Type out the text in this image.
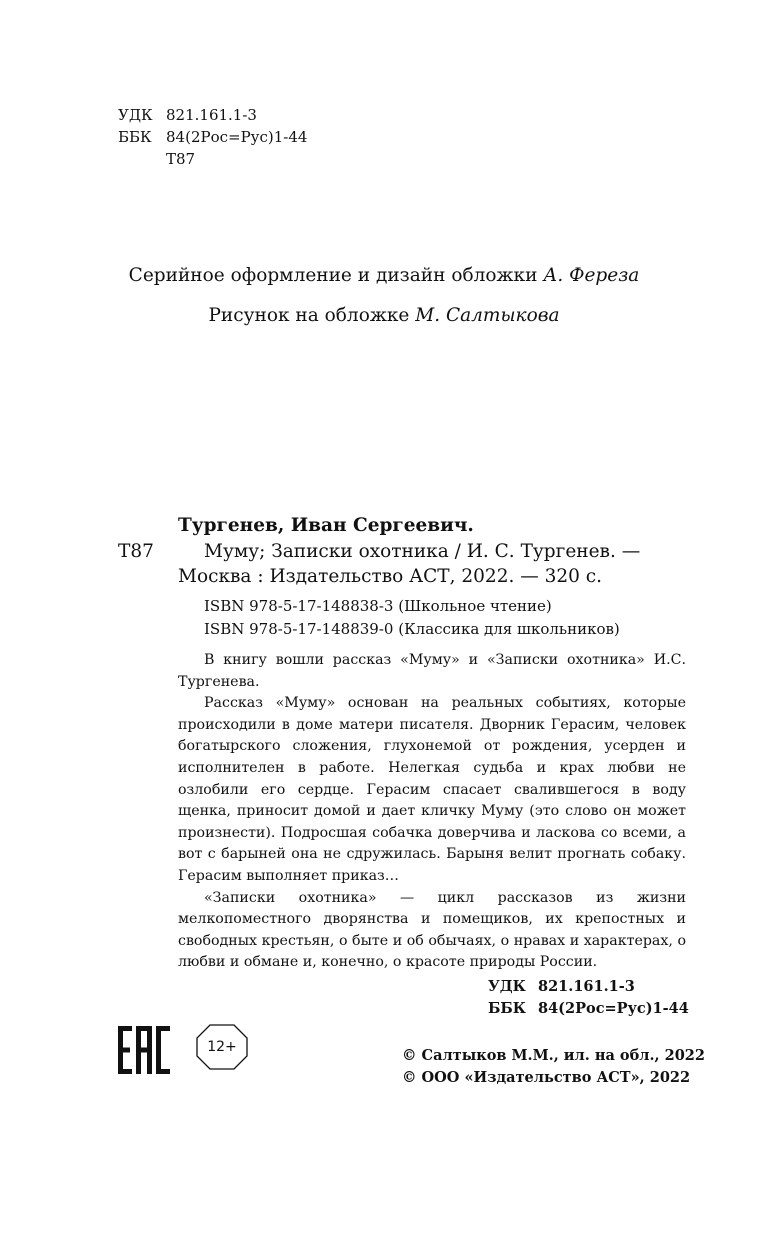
УДК 821.161.1-3
ББК 84(2Рос=Рус)1-44
Т87
Серийное оформление и дизайн обложки А. Фереза
Рисунок на обложке М. Салтыкова
Тургенев, Иван Сергеевич.
Т87	Муму; Записки охотника / И. С. Тургенев. —
Москва : Издательство АСТ, 2022. — 320 с.
ISBN 978-5-17-148838-3 (Школьное чтение)
ISBN 978-5-17-148839-0 (Классика для школьников)

В книгу вошли рассказ «Муму» и «Записки охотника» И.С. Тургенева.

Рассказ «Муму» основан на реальных событиях, которые происходили в доме матери писателя. Дворник Герасим, человек богатырского сложения, глухонемой от рождения, усерден и исполнителен в работе. Нелегкая судьба и крах любви не озлобили его сердце. Герасим спасает свалившегося в воду щенка, приносит домой и дает кличку Муму (это слово он может произнести). Подросшая собачка доверчива и ласкова со всеми, а вот с барыней она не сдружилась. Барыня велит прогнать собаку. Герасим выполняет приказ…

«Записки охотника» — цикл рассказов из жизни мелкопоместного дворянства и помещиков, их крепостных и свободных крестьян, о быте и об обычаях, о нравах и характерах, о любви и обмане и, конечно, о красоте природы России.

УДК 821.161.1-3
ББК 84(2Рос=Рус)1-44
12+	© Салтыков М.М., ил. на обл., 2022
© ООО «Издательство АСТ», 2022
